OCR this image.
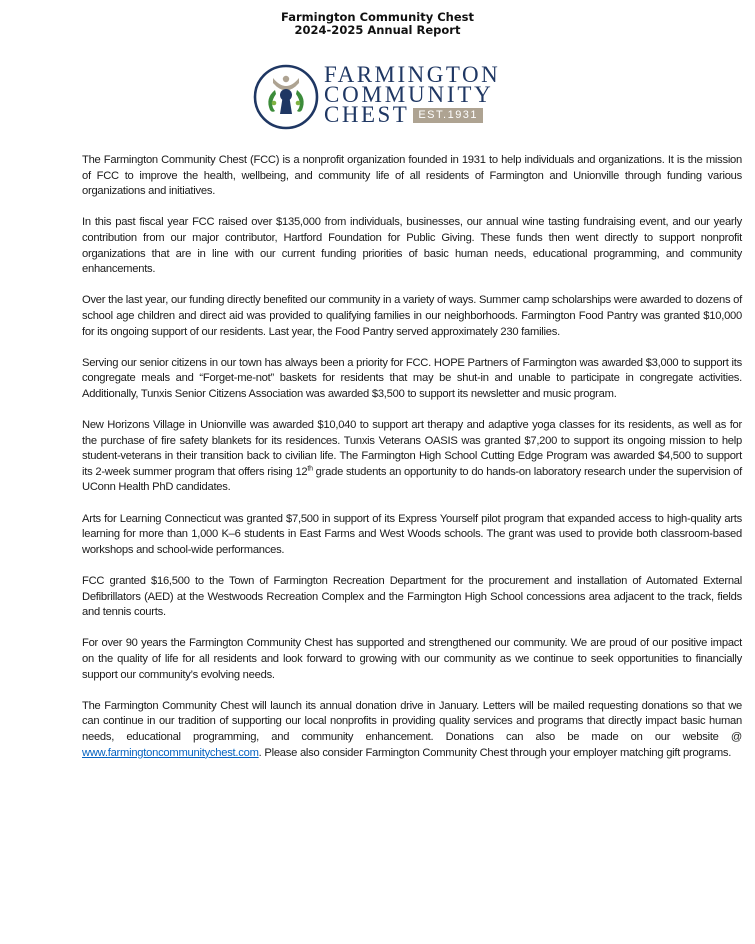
Farmington Community Chest
2024-2025 Annual Report
FARMINGTON
COMMUNITY
CHEST EST.1931

The Farmington Community Chest (FCC) is a nonprofit organization founded in 1931 to help individuals and organizations. It is the mission of FCC to improve the health, wellbeing, and community life of all residents of Farmington and Unionville through funding various organizations and initiatives.

In this past fiscal year FCC raised over $135,000 from individuals, businesses, our annual wine tasting fundraising event, and our yearly contribution from our major contributor, Hartford Foundation for Public Giving. These funds then went directly to support nonprofit organizations that are in line with our current funding priorities of basic human needs, educational programming, and community enhancements.

Over the last year, our funding directly benefited our community in a variety of ways. Summer camp scholarships were awarded to dozens of school age children and direct aid was provided to qualifying families in our neighborhoods. Farmington Food Pantry was granted $10,000 for its ongoing support of our residents. Last year, the Food Pantry served approximately 230 families.

Serving our senior citizens in our town has always been a priority for FCC. HOPE Partners of Farmington was awarded $3,000 to support its congregate meals and “Forget-me-not” baskets for residents that may be shut-in and unable to participate in congregate activities. Additionally, Tunxis Senior Citizens Association was awarded $3,500 to support its newsletter and music program.

New Horizons Village in Unionville was awarded $10,040 to support art therapy and adaptive yoga classes for its residents, as well as for the purchase of fire safety blankets for its residences. Tunxis Veterans OASIS was granted $7,200 to support its ongoing mission to help student-veterans in their transition back to civilian life. The Farmington High School Cutting Edge Program was awarded $4,500 to support its 2-week summer program that offers rising 12th grade students an opportunity to do hands-on laboratory research under the supervision of UConn Health PhD candidates.

Arts for Learning Connecticut was granted $7,500 in support of its Express Yourself pilot program that expanded access to high-quality arts learning for more than 1,000 K–6 students in East Farms and West Woods schools. The grant was used to provide both classroom-based workshops and school-wide performances.

FCC granted $16,500 to the Town of Farmington Recreation Department for the procurement and installation of Automated External Defibrillators (AED) at the Westwoods Recreation Complex and the Farmington High School concessions area adjacent to the track, fields and tennis courts.

For over 90 years the Farmington Community Chest has supported and strengthened our community. We are proud of our positive impact on the quality of life for all residents and look forward to growing with our community as we continue to seek opportunities to financially support our community’s evolving needs.

The Farmington Community Chest will launch its annual donation drive in January. Letters will be mailed requesting donations so that we can continue in our tradition of supporting our local nonprofits in providing quality services and programs that directly impact basic human needs, educational programming, and community enhancement. Donations can also be made on our website @ www.farmingtoncommunitychest.com. Please also consider Farmington Community Chest through your employer matching gift programs.
